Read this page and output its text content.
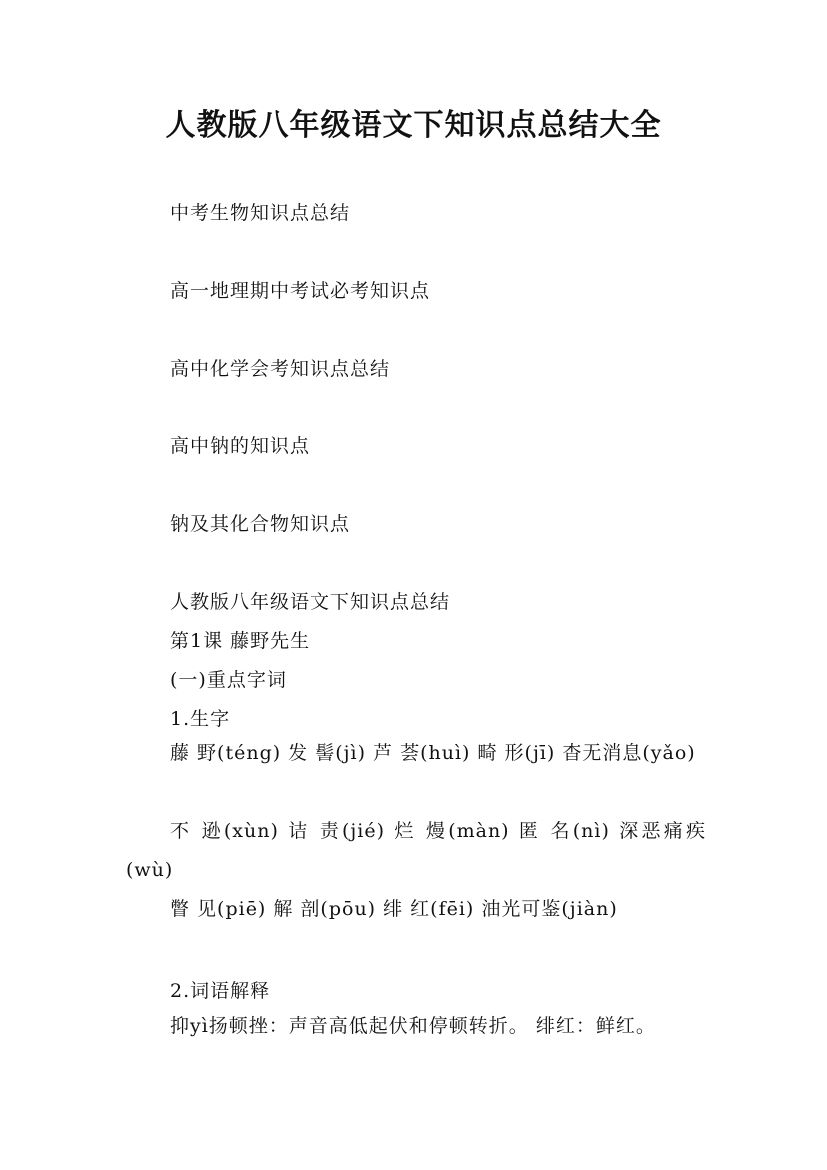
人教版八年级语文下知识点总结大全
中考生物知识点总结
高一地理期中考试必考知识点
高中化学会考知识点总结
高中钠的知识点
钠及其化合物知识点
人教版八年级语文下知识点总结
第1课 藤野先生
(一)重点字词
1.生字

藤 野(téng) 发 髻(jì) 芦 荟(huì) 畸 形(jī) 杳无消息(yǎo)

不 逊(xùn) 诘 责(jié) 烂 熳(màn) 匿 名(nì) 深恶痛疾(wù)

瞥 见(piē) 解 剖(pōu) 绯 红(fēi) 油光可鉴(jiàn)

2.词语解释

抑yì扬顿挫：声音高低起伏和停顿转折。 绯红：鲜红。
